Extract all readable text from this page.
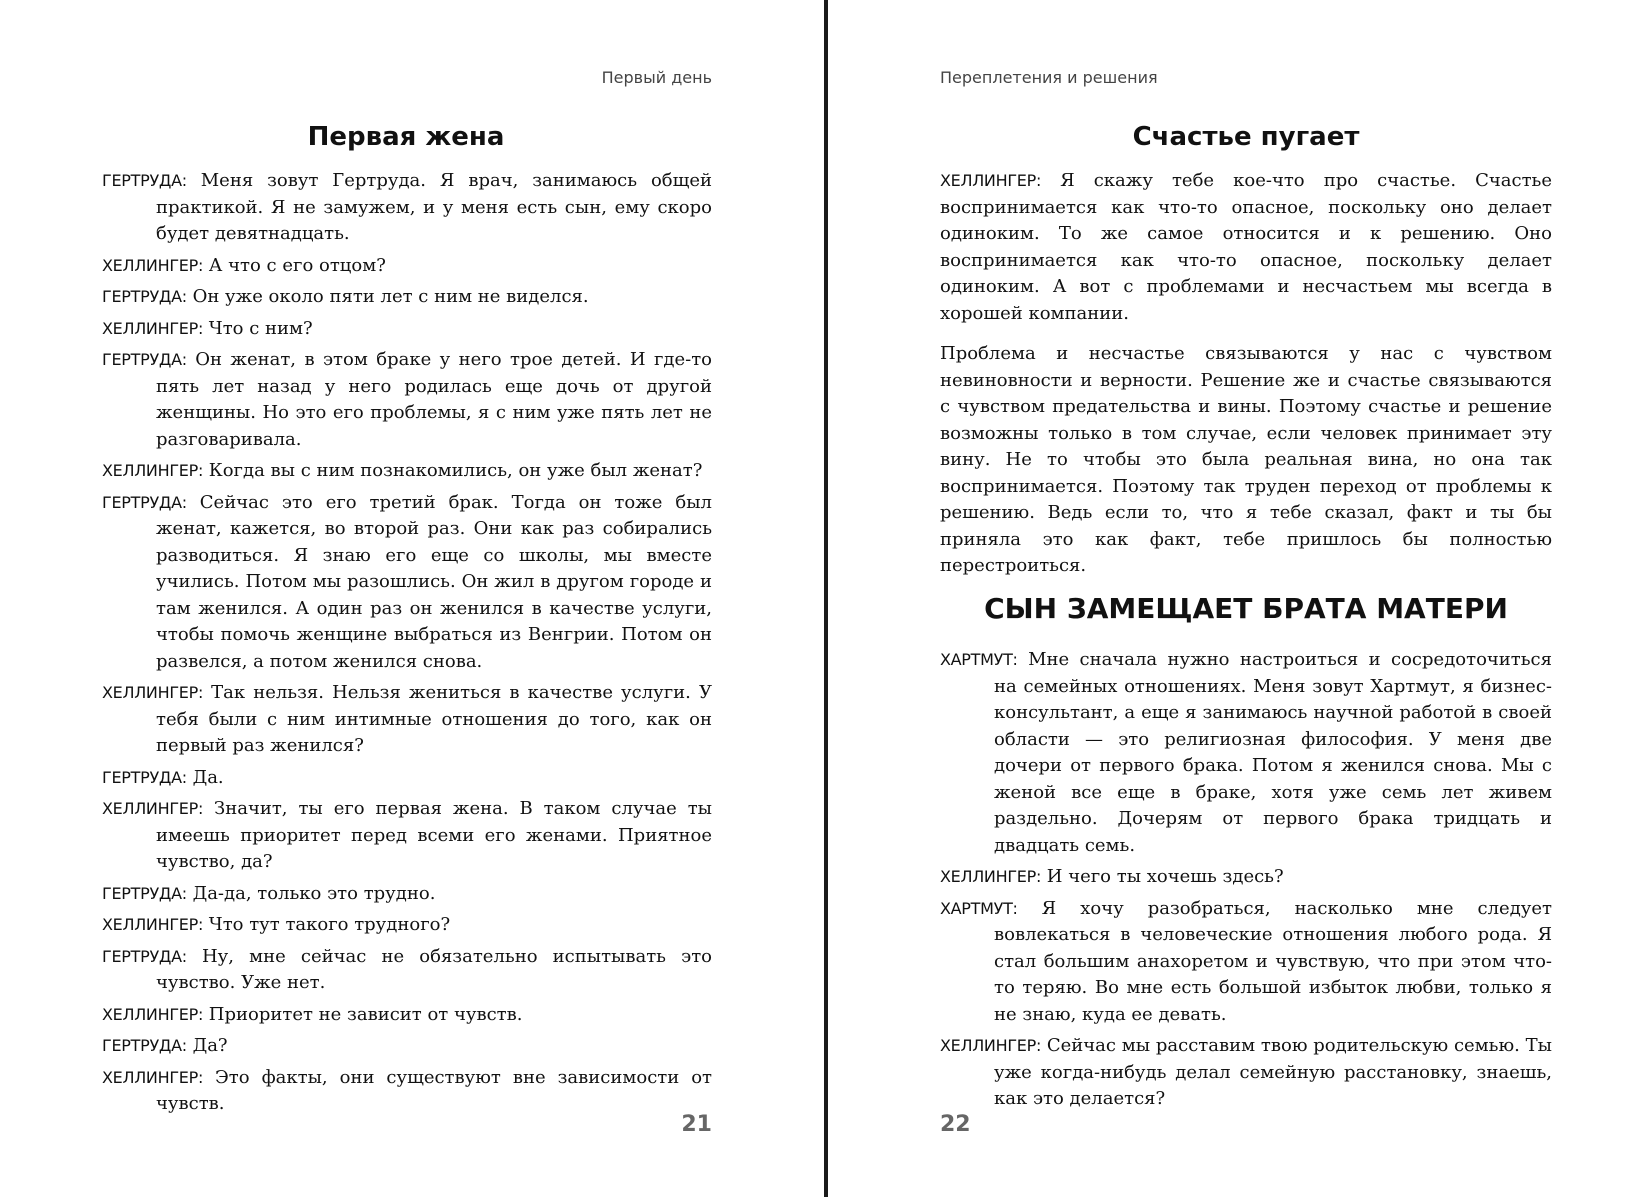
Первый день
Первая жена
ГЕРТРУДА: Меня зовут Гертруда. Я врач, занимаюсь общей практикой. Я не замужем, и у меня есть сын, ему скоро будет девятнадцать.
ХЕЛЛИНГЕР: А что с его отцом?
ГЕРТРУДА: Он уже около пяти лет с ним не виделся.
ХЕЛЛИНГЕР: Что с ним?
ГЕРТРУДА: Он женат, в этом браке у него трое детей. И где-то пять лет назад у него родилась еще дочь от другой женщины. Но это его проблемы, я с ним уже пять лет не разговаривала.
ХЕЛЛИНГЕР: Когда вы с ним познакомились, он уже был женат?
ГЕРТРУДА: Сейчас это его третий брак. Тогда он тоже был женат, кажется, во второй раз. Они как раз собирались разводиться. Я знаю его еще со школы, мы вместе учились. Потом мы разошлись. Он жил в другом городе и там женился. А один раз он женился в качестве услуги, чтобы помочь женщине выбраться из Венгрии. Потом он развелся, а потом женился снова.
ХЕЛЛИНГЕР: Так нельзя. Нельзя жениться в качестве услуги. У тебя были с ним интимные отношения до того, как он первый раз женился?
ГЕРТРУДА: Да.
ХЕЛЛИНГЕР: Значит, ты его первая жена. В таком случае ты имеешь приоритет перед всеми его женами. Приятное чувство, да?
ГЕРТРУДА: Да-да, только это трудно.
ХЕЛЛИНГЕР: Что тут такого трудного?
ГЕРТРУДА: Ну, мне сейчас не обязательно испытывать это чувство. Уже нет.
ХЕЛЛИНГЕР: Приоритет не зависит от чувств.
ГЕРТРУДА: Да?
ХЕЛЛИНГЕР: Это факты, они существуют вне зависимости от чувств.
21
Переплетения и решения
Счастье пугает

ХЕЛЛИНГЕР: Я скажу тебе кое-что про счастье. Счастье воспринимается как что-то опасное, поскольку оно делает одиноким. То же самое относится и к решению. Оно воспринимается как что-то опасное, поскольку делает одиноким. А вот с проблемами и несчастьем мы всегда в хорошей компании.

Проблема и несчастье связываются у нас с чувством невиновности и верности. Решение же и счастье связываются с чувством предательства и вины. Поэтому счастье и решение возможны только в том случае, если человек принимает эту вину. Не то чтобы это была реальная вина, но она так воспринимается. Поэтому так труден переход от проблемы к решению. Ведь если то, что я тебе сказал, факт и ты бы приняла это как факт, тебе пришлось бы полностью перестроиться.

СЫН ЗАМЕЩАЕТ БРАТА МАТЕРИ
ХАРТМУТ: Мне сначала нужно настроиться и сосредоточиться на семейных отношениях. Меня зовут Хартмут, я бизнес-консультант, а еще я занимаюсь научной работой в своей области — это религиозная философия. У меня две дочери от первого брака. Потом я женился снова. Мы с женой все еще в браке, хотя уже семь лет живем раздельно. Дочерям от первого брака тридцать и двадцать семь.
ХЕЛЛИНГЕР: И чего ты хочешь здесь?
ХАРТМУТ: Я хочу разобраться, насколько мне следует вовлекаться в человеческие отношения любого рода. Я стал большим анахоретом и чувствую, что при этом что-то теряю. Во мне есть большой избыток любви, только я не знаю, куда ее девать.
ХЕЛЛИНГЕР: Сейчас мы расставим твою родительскую семью. Ты уже когда-нибудь делал семейную расстановку, знаешь, как это делается?
22
